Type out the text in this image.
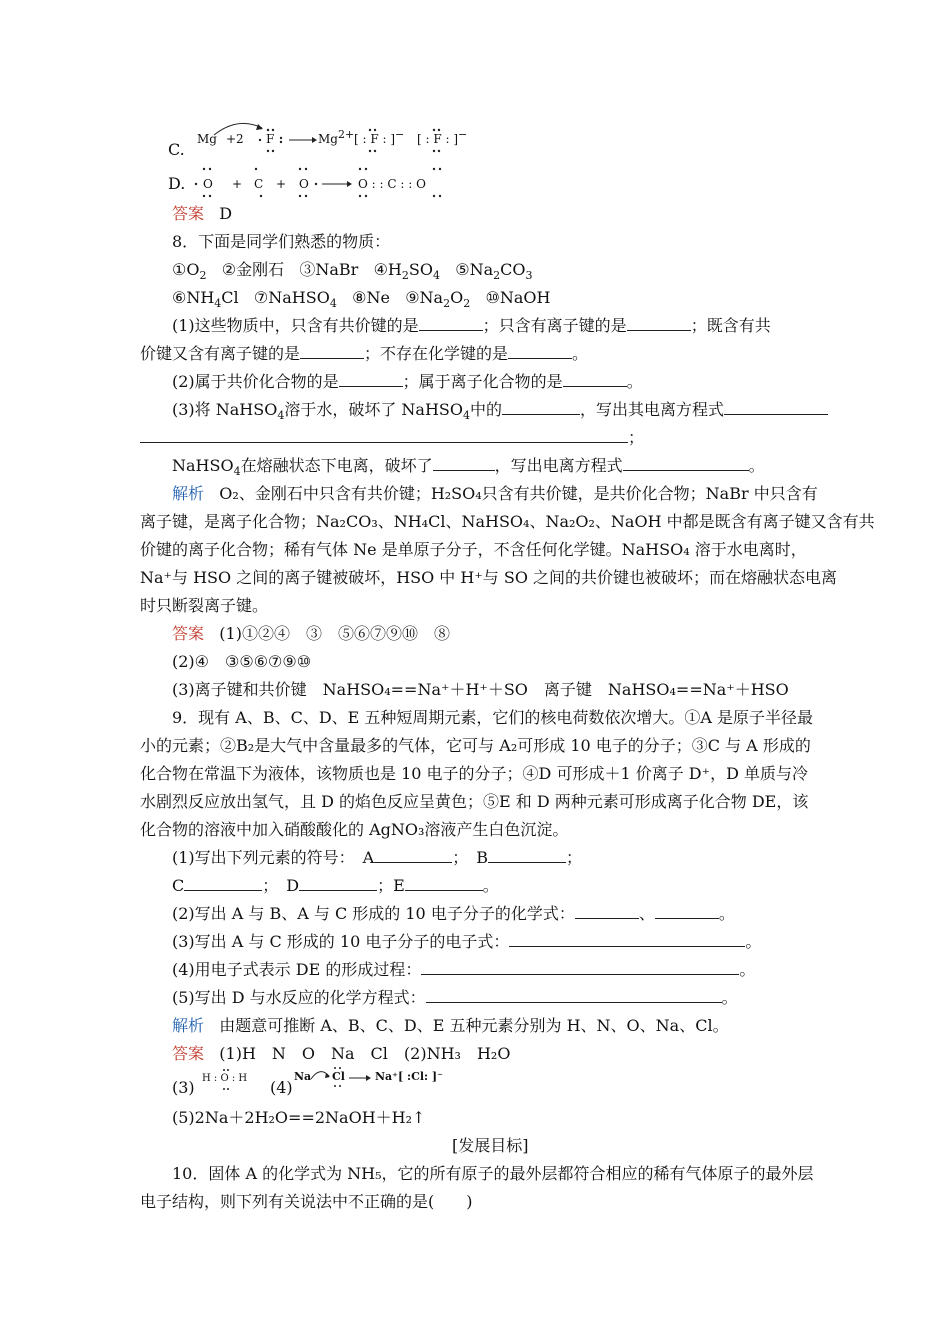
C.
Mg +2 F	$Mg^{2+}$ [ : F : ]− [ : F : ]−
D. O + C + O	O : : C : : O
答案 D
8．下面是同学们熟悉的物质：
$①O_2$ ②金刚石 ③NaBr $④H_2SO_4$ $⑤Na_2CO_3$
$⑥NH_4Cl$   ⑦NaHSO$_4$ ⑧Ne $⑨Na_2O_2$ ⑩NaOH
(1)这些物质中，只含有共价键的是	；只含有离子键的是	；既含有共
价键又含有离子键的是	；不存在化学键的是	。
(2)属于共价化合物的是	；属于离子化合物的是	。
(3)将 NaHSO$_4$溶于水，破坏了 NaHSO$_4$中的	，写出其电离方程式
；
NaHSO$_4$在熔融状态下电离，破坏了	，写出电离方程式	。
解析 O₂、金刚石中只含有共价键；H₂SO₄只含有共价键，是共价化合物；NaBr 中只含有
离子键，是离子化合物；Na₂CO₃、NH₄Cl、NaHSO₄、Na₂O₂、NaOH 中都是既含有离子键又含有共
价键的离子化合物；稀有气体 Ne 是单原子分子，不含任何化学键。NaHSO₄ 溶于水电离时，
Na⁺与 HSO 之间的离子键被破坏，HSO 中 H⁺与 SO 之间的共价键也被破坏；而在熔融状态电离
时只断裂离子键。
答案 (1)①②④　③　⑤⑥⑦⑨⑩　⑧
(2)④　③⑤⑥⑦⑨⑩
(3)离子键和共价键　NaHSO₄==Na⁺＋H⁺＋SO　离子键　NaHSO₄==Na⁺＋HSO
9．现有 A、B、C、D、E 五种短周期元素，它们的核电荷数依次增大。①A 是原子半径最
小的元素；②B₂是大气中含量最多的气体，它可与 A₂可形成 10 电子的分子；③C 与 A 形成的
化合物在常温下为液体，该物质也是 10 电子的分子；④D 可形成＋1 价离子 D⁺，D 单质与冷
水剧烈反应放出氢气，且 D 的焰色反应呈黄色；⑤E 和 D 两种元素可形成离子化合物 DE，该
化合物的溶液中加入硝酸酸化的 AgNO₃溶液产生白色沉淀。
(1)写出下列元素的符号：　A	；　B	；
C	；　D	；E	。
(2)写出 A 与 B、A 与 C 形成的 10 电子分子的化学式：	、	。
(3)写出 A 与 C 形成的 10 电子分子的电子式：	。
(4)用电子式表示 DE 的形成过程：	。
(5)写出 D 与水反应的化学方程式：	。
解析 由题意可推断 A、B、C、D、E 五种元素分别为 H、N、O、Na、Cl。
答案 (1)H　N　O　Na　Cl　(2)NH₃　H₂O
(3) H : O : H (4)
Na Cl	Na⁺[ :Cl: ]⁻
(5)2Na＋2H₂O==2NaOH＋H₂↑
[发展目标]
10．固体 A 的化学式为 NH₅，它的所有原子的最外层都符合相应的稀有气体原子的最外层
电子结构，则下列有关说法中不正确的是(　　)
